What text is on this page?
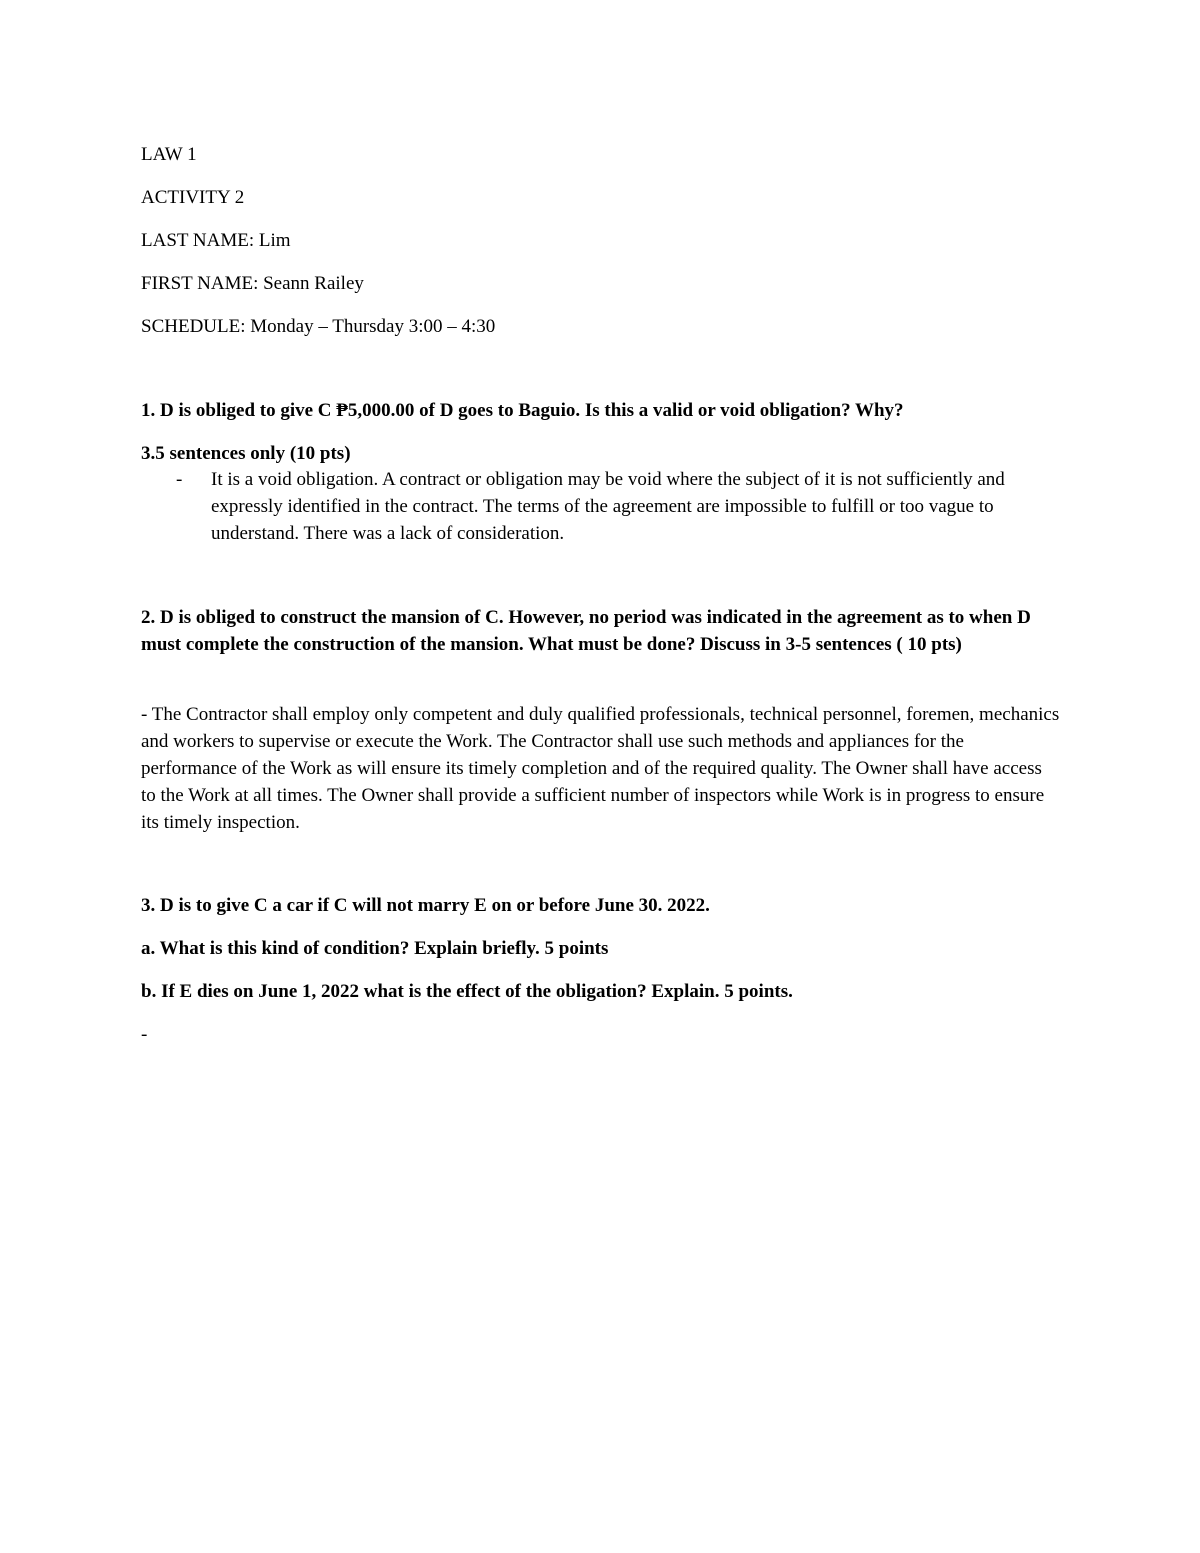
LAW 1
ACTIVITY 2
LAST NAME: Lim
FIRST NAME: Seann Railey
SCHEDULE: Monday – Thursday 3:00 – 4:30
1. D is obliged to give C ₱5,000.00 of D goes to Baguio. Is this a valid or void obligation? Why?
3.5 sentences only (10 pts)
- It is a void obligation. A contract or obligation may be void where the subject of it is not sufficiently and expressly identified in the contract. The terms of the agreement are impossible to fulfill or too vague to understand. There was a lack of consideration.
2. D is obliged to construct the mansion of C. However, no period was indicated in the agreement as to when D must complete the construction of the mansion. What must be done? Discuss in 3-5 sentences ( 10 pts)
- The Contractor shall employ only competent and duly qualified professionals, technical personnel, foremen, mechanics and workers to supervise or execute the Work. The Contractor shall use such methods and appliances for the performance of the Work as will ensure its timely completion and of the required quality. The Owner shall have access to the Work at all times. The Owner shall provide a sufficient number of inspectors while Work is in progress to ensure its timely inspection.
3. D is to give C a car if C will not marry E on or before June 30. 2022.
a. What is this kind of condition? Explain briefly. 5 points
b. If E dies on June 1, 2022 what is the effect of the obligation? Explain. 5 points.
-
